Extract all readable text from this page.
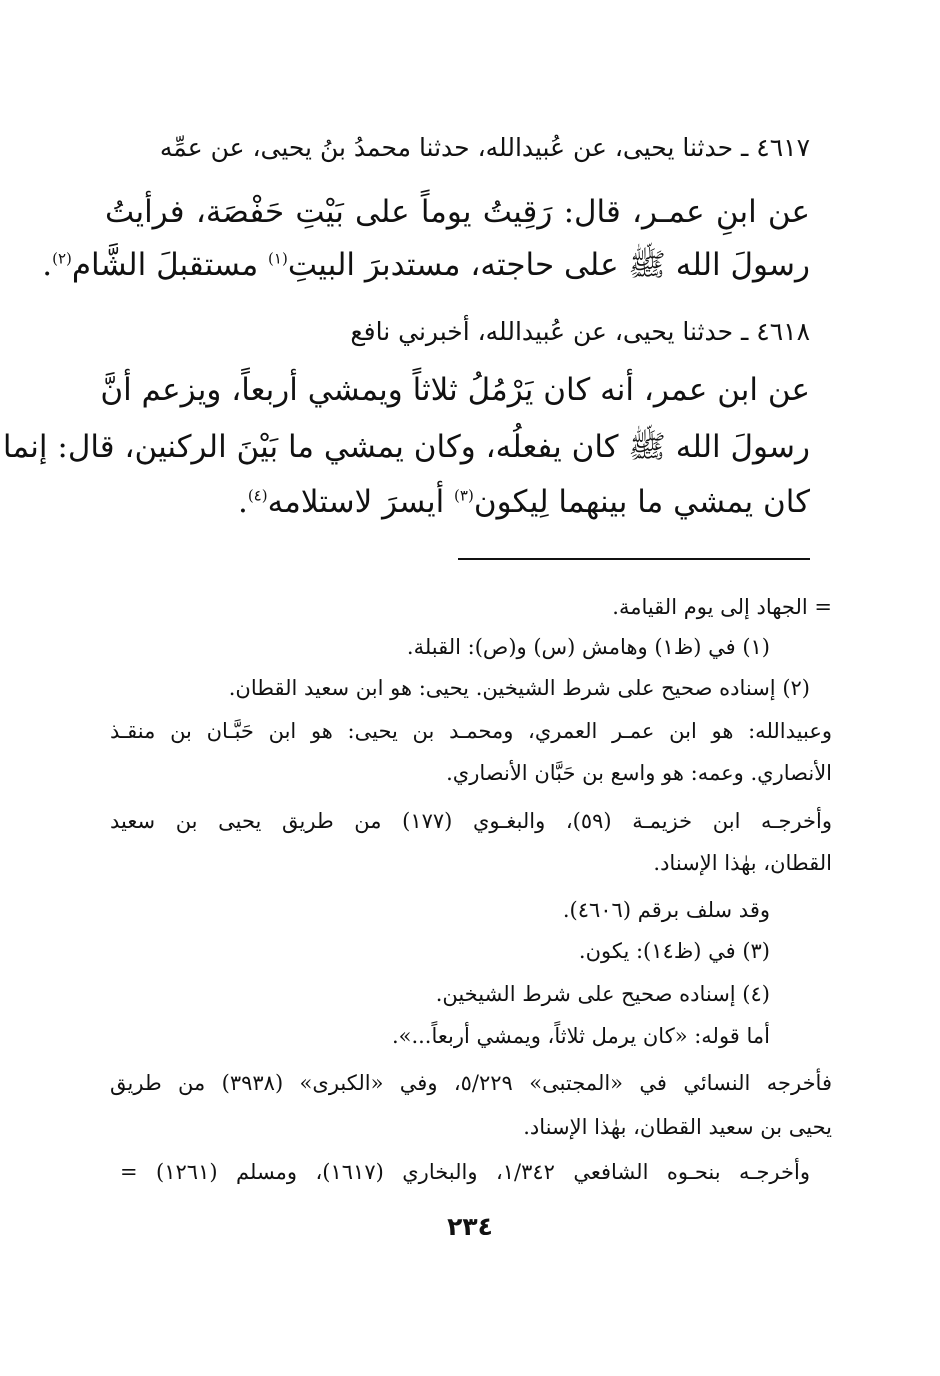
٤٦١٧ ـ حدثنا يحيى، عن عُبيدالله، حدثنا محمدُ بنُ يحيى، عن عمِّه
عن ابنِ عمـر، قال: رَقِيتُ يوماً على بَيْتِ حَفْصَة، فرأيتُ
رسولَ الله ﷺ على حاجته، مستدبرَ البيتِ$^{(١)}$ مستقبلَ الشَّام$^{(٢)}$.
٤٦١٨ ـ حدثنا يحيى، عن عُبيدالله، أخبرني نافع
عن ابن عمر، أنه كان يَرْمُلُ ثلاثاً ويمشي أربعاً، ويزعم أنَّ
رسولَ الله ﷺ كان يفعلُه، وكان يمشي ما بَيْنَ الركنين، قال: إنما
كان يمشي ما بينهما لِيكون$^{(٣)}$ أيسرَ لاستلامه$^{(٤)}$.
= الجهاد إلى يوم القيامة.
(١) في (ظ١) وهامش (س) و(ص): القبلة.
(٢) إسناده صحيح على شرط الشيخين. يحيى: هو ابن سعيد القطان.
وعبيدالله: هو ابن عمـر العمري، ومحمـد بن يحيى: هو ابن حَبَّـان بن منقـذ
الأنصاري. وعمه: هو واسع بن حَبَّان الأنصاري.
وأخرجـه ابن خزيمـة (٥٩)، والبغـوي (١٧٧) من طريق يحيى بن سعيد
القطان، بهٰذا الإسناد.
وقد سلف برقم (٤٦٠٦).
(٣) في (ظ١٤): يكون.
(٤) إسناده صحيح على شرط الشيخين.
أما قوله: «كان يرمل ثلاثاً، ويمشي أربعاً...».
فأخرجه النسائي في «المجتبى» ٥/٢٢٩، وفي «الكبرى» (٣٩٣٨) من طريق
يحيى بن سعيد القطان، بهٰذا الإسناد.
وأخرجـه بنحـوه الشافعي ١/٣٤٢، والبخاري (١٦١٧)، ومسلم (١٢٦١) =
٢٣٤
